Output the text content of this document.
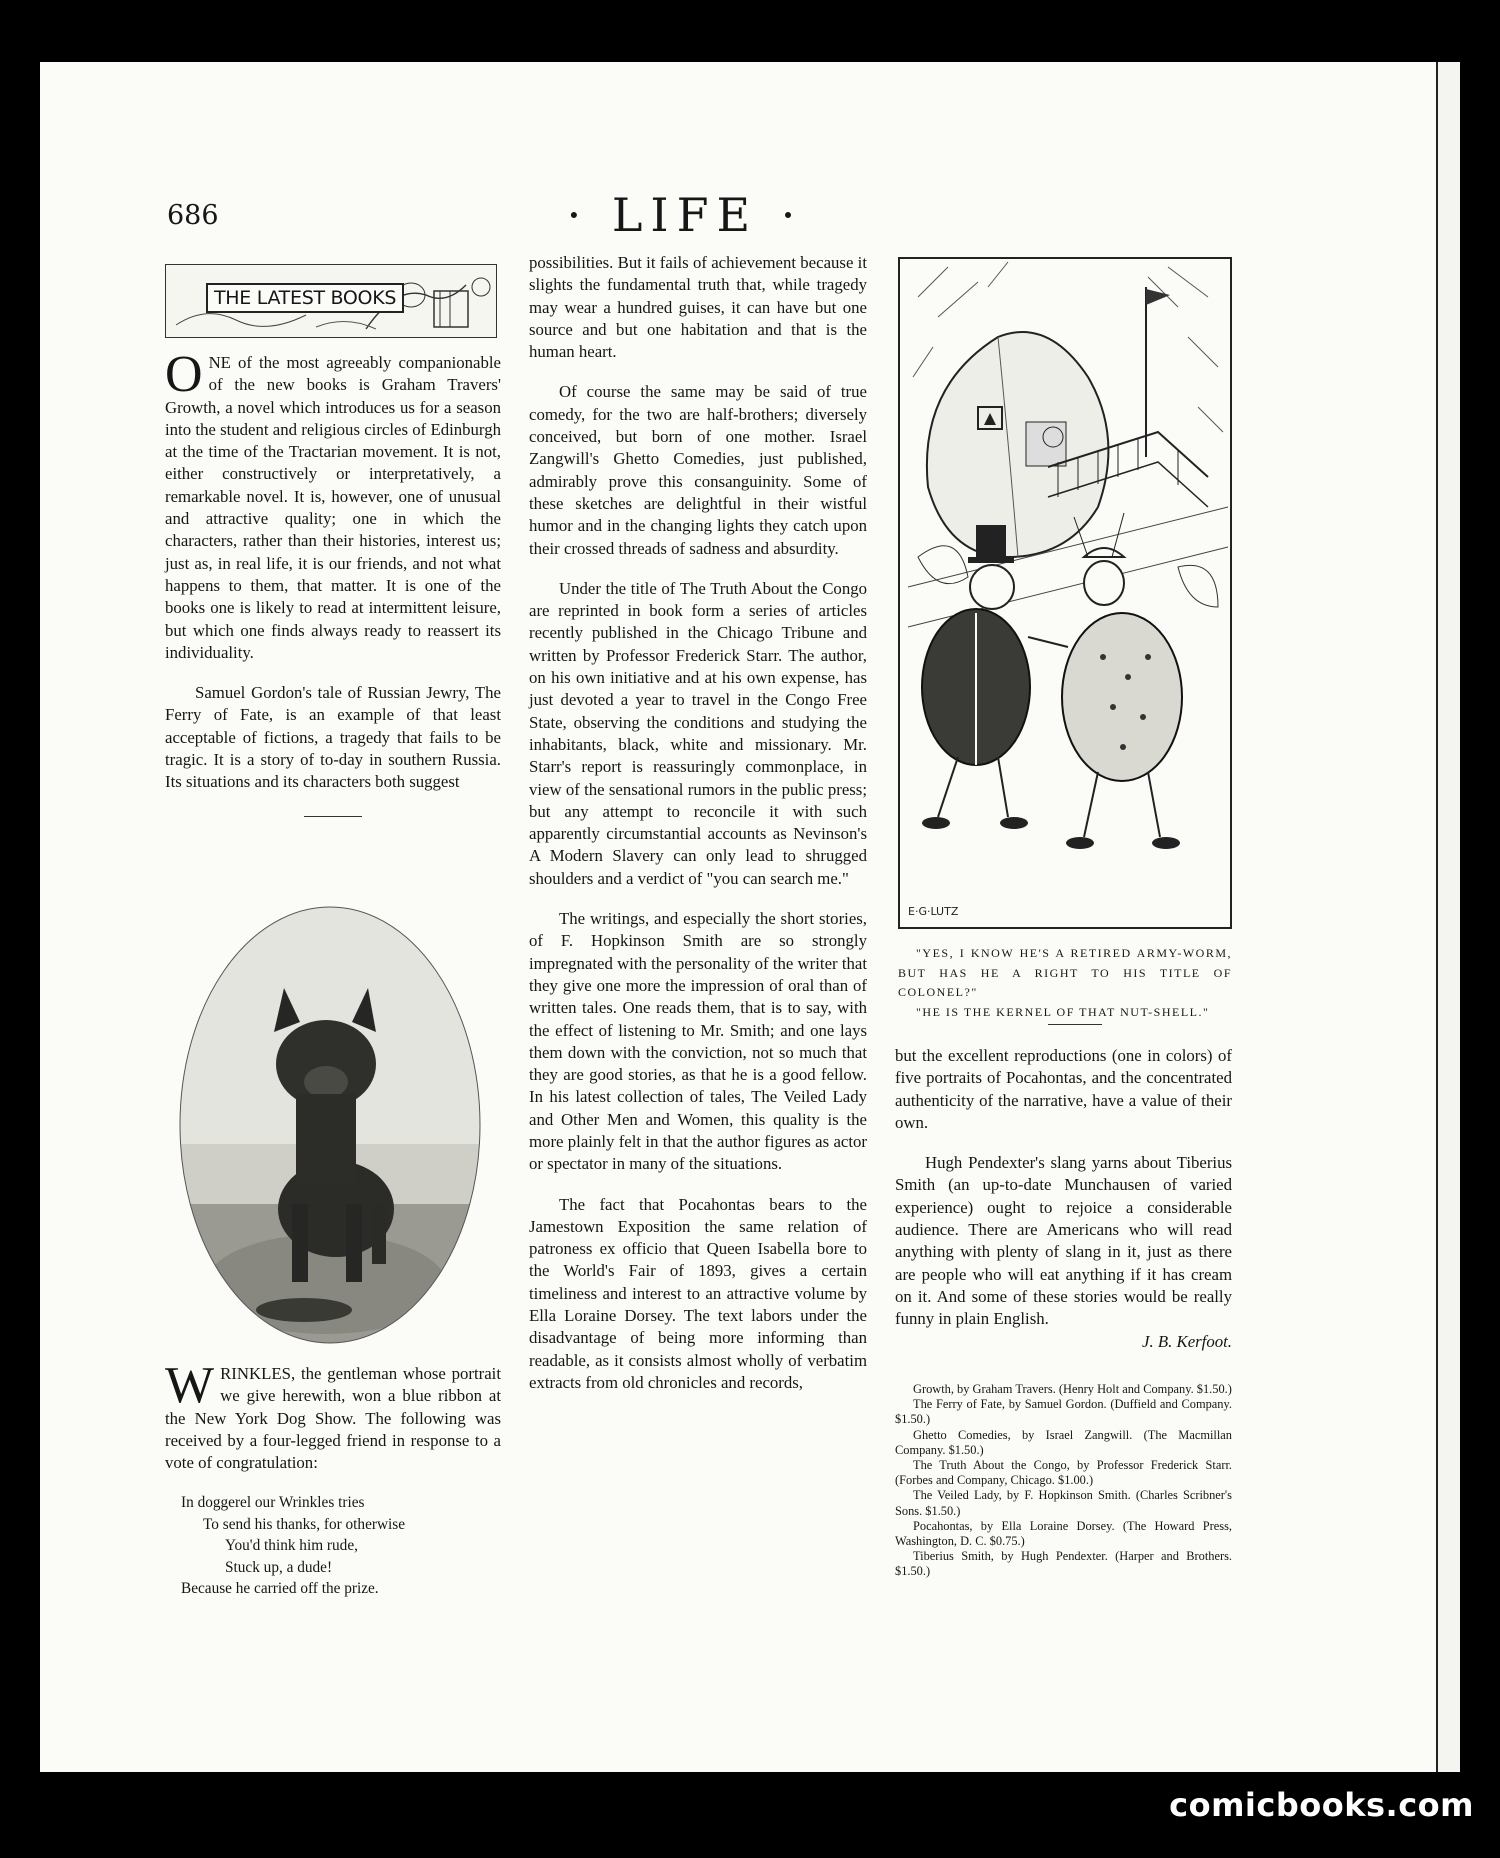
686	· LIFE ·
THE LATEST BOOKS

ONE of the most agreeably companionable of the new books is Graham Travers' Growth, a novel which introduces us for a season into the student and religious circles of Edinburgh at the time of the Tractarian movement. It is not, either constructively or interpretatively, a remarkable novel. It is, however, one of unusual and attractive quality; one in which the characters, rather than their histories, interest us; just as, in real life, it is our friends, and not what happens to them, that matter. It is one of the books one is likely to read at intermittent leisure, but which one finds always ready to reassert its individuality.

Samuel Gordon's tale of Russian Jewry, The Ferry of Fate, is an example of that least acceptable of fictions, a tragedy that fails to be tragic. It is a story of to-day in southern Russia. Its situations and its characters both suggest

WRINKLES, the gentleman whose portrait we give herewith, won a blue ribbon at the New York Dog Show. The following was received by a four-legged friend in response to a vote of congratulation:

In doggerel our Wrinkles tries
To send his thanks, for otherwise
You'd think him rude,
Stuck up, a dude!
Because he carried off the prize.

possibilities. But it fails of achievement because it slights the fundamental truth that, while tragedy may wear a hundred guises, it can have but one source and but one habitation and that is the human heart.

Of course the same may be said of true comedy, for the two are half-brothers; diversely conceived, but born of one mother. Israel Zangwill's Ghetto Comedies, just published, admirably prove this consanguinity. Some of these sketches are delightful in their wistful humor and in the changing lights they catch upon their crossed threads of sadness and absurdity.

Under the title of The Truth About the Congo are reprinted in book form a series of articles recently published in the Chicago Tribune and written by Professor Frederick Starr. The author, on his own initiative and at his own expense, has just devoted a year to travel in the Congo Free State, observing the conditions and studying the inhabitants, black, white and missionary. Mr. Starr's report is reassuringly commonplace, in view of the sensational rumors in the public press; but any attempt to reconcile it with such apparently circumstantial accounts as Nevinson's A Modern Slavery can only lead to shrugged shoulders and a verdict of "you can search me."

The writings, and especially the short stories, of F. Hopkinson Smith are so strongly impregnated with the personality of the writer that they give one more the impression of oral than of written tales. One reads them, that is to say, with the effect of listening to Mr. Smith; and one lays them down with the conviction, not so much that they are good stories, as that he is a good fellow. In his latest collection of tales, The Veiled Lady and Other Men and Women, this quality is the more plainly felt in that the author figures as actor or spectator in many of the situations.

The fact that Pocahontas bears to the Jamestown Exposition the same relation of patroness ex officio that Queen Isabella bore to the World's Fair of 1893, gives a certain timeliness and interest to an attractive volume by Ella Loraine Dorsey. The text labors under the disadvantage of being more informing than readable, as it consists almost wholly of verbatim extracts from old chronicles and records,

E·G·LUTZ

"YES, I KNOW HE'S A RETIRED ARMY-WORM, BUT HAS HE A RIGHT TO HIS TITLE OF COLONEL?"

"HE IS THE KERNEL OF THAT NUT-SHELL."

but the excellent reproductions (one in colors) of five portraits of Pocahontas, and the concentrated authenticity of the narrative, have a value of their own.

Hugh Pendexter's slang yarns about Tiberius Smith (an up-to-date Munchausen of varied experience) ought to rejoice a considerable audience. There are Americans who will read anything with plenty of slang in it, just as there are people who will eat anything if it has cream on it. And some of these stories would be really funny in plain English.

J. B. Kerfoot.
Growth, by Graham Travers. (Henry Holt and Company. $1.50.)
The Ferry of Fate, by Samuel Gordon. (Duffield and Company. $1.50.)
Ghetto Comedies, by Israel Zangwill. (The Macmillan Company. $1.50.)
The Truth About the Congo, by Professor Frederick Starr. (Forbes and Company, Chicago. $1.00.)
The Veiled Lady, by F. Hopkinson Smith. (Charles Scribner's Sons. $1.50.)
Pocahontas, by Ella Loraine Dorsey. (The Howard Press, Washington, D. C. $0.75.)
Tiberius Smith, by Hugh Pendexter. (Harper and Brothers. $1.50.)
comicbooks.com
